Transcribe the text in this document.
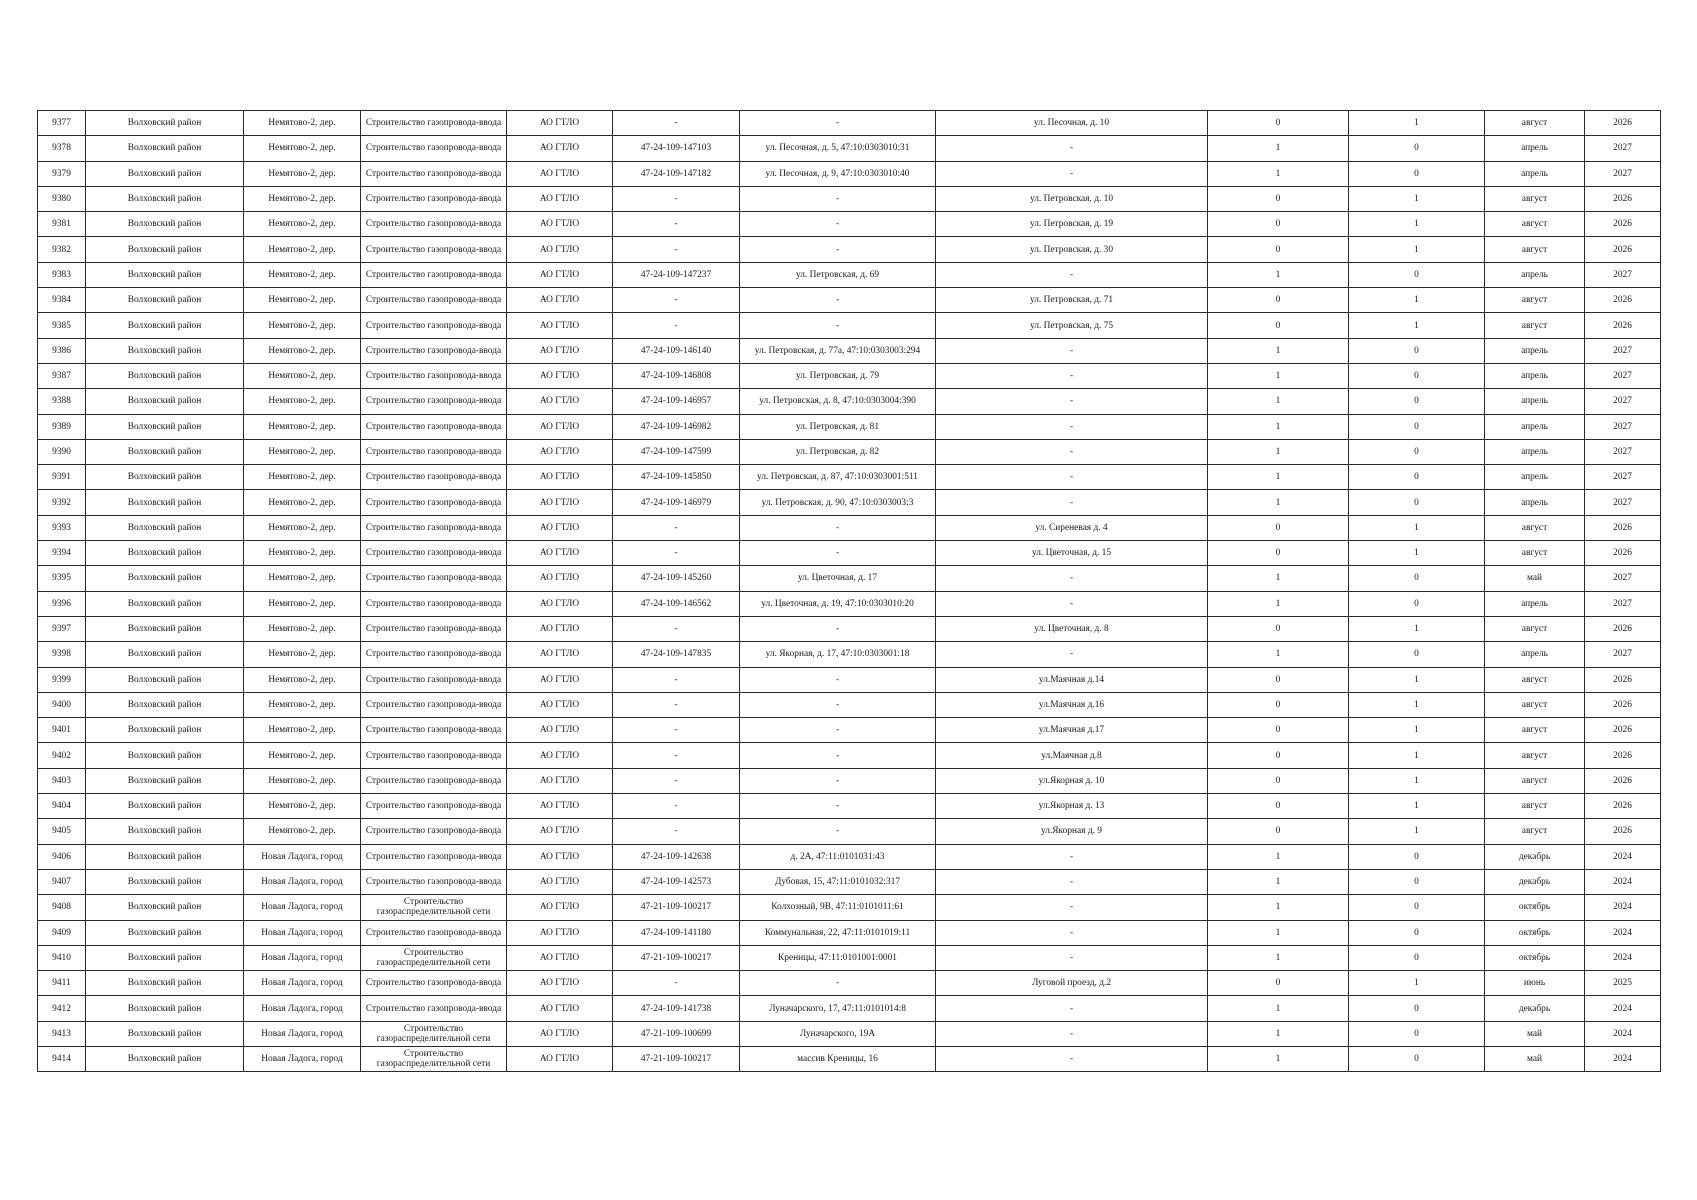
9377	Волховский район	Немятово-2, дер.	Строительство газопровода-ввода	АО ГТЛО	-	-	ул. Песочная, д. 10	0	1	август	2026
9378	Волховский район	Немятово-2, дер.	Строительство газопровода-ввода	АО ГТЛО	47-24-109-147103	ул. Песочная, д. 5, 47:10:0303010:31	-	1	0	апрель	2027
9379	Волховский район	Немятово-2, дер.	Строительство газопровода-ввода	АО ГТЛО	47-24-109-147182	ул. Песочная, д. 9, 47:10:0303010:40	-	1	0	апрель	2027
9380	Волховский район	Немятово-2, дер.	Строительство газопровода-ввода	АО ГТЛО	-	-	ул. Петровская, д. 10	0	1	август	2026
9381	Волховский район	Немятово-2, дер.	Строительство газопровода-ввода	АО ГТЛО	-	-	ул. Петровская, д. 19	0	1	август	2026
9382	Волховский район	Немятово-2, дер.	Строительство газопровода-ввода	АО ГТЛО	-	-	ул. Петровская, д. 30	0	1	август	2026
9383	Волховский район	Немятово-2, дер.	Строительство газопровода-ввода	АО ГТЛО	47-24-109-147237	ул. Петровская, д. 69	-	1	0	апрель	2027
9384	Волховский район	Немятово-2, дер.	Строительство газопровода-ввода	АО ГТЛО	-	-	ул. Петровская, д. 71	0	1	август	2026
9385	Волховский район	Немятово-2, дер.	Строительство газопровода-ввода	АО ГТЛО	-	-	ул. Петровская, д. 75	0	1	август	2026
9386	Волховский район	Немятово-2, дер.	Строительство газопровода-ввода	АО ГТЛО	47-24-109-146140	ул. Петровская, д. 77а, 47:10:0303003:294	-	1	0	апрель	2027
9387	Волховский район	Немятово-2, дер.	Строительство газопровода-ввода	АО ГТЛО	47-24-109-146808	ул. Петровская, д. 79	-	1	0	апрель	2027
9388	Волховский район	Немятово-2, дер.	Строительство газопровода-ввода	АО ГТЛО	47-24-109-146957	ул. Петровская, д. 8, 47:10:0303004:390	-	1	0	апрель	2027
9389	Волховский район	Немятово-2, дер.	Строительство газопровода-ввода	АО ГТЛО	47-24-109-146982	ул. Петровская, д. 81	-	1	0	апрель	2027
9390	Волховский район	Немятово-2, дер.	Строительство газопровода-ввода	АО ГТЛО	47-24-109-147599	ул. Петровская, д. 82	-	1	0	апрель	2027
9391	Волховский район	Немятово-2, дер.	Строительство газопровода-ввода	АО ГТЛО	47-24-109-145850	ул. Петровская, д. 87, 47:10:0303001:511	-	1	0	апрель	2027
9392	Волховский район	Немятово-2, дер.	Строительство газопровода-ввода	АО ГТЛО	47-24-109-146979	ул. Петровская, д. 90, 47:10:0303003:3	-	1	0	апрель	2027
9393	Волховский район	Немятово-2, дер.	Строительство газопровода-ввода	АО ГТЛО	-	-	ул. Сиреневая д. 4	0	1	август	2026
9394	Волховский район	Немятово-2, дер.	Строительство газопровода-ввода	АО ГТЛО	-	-	ул. Цветочная, д. 15	0	1	август	2026
9395	Волховский район	Немятово-2, дер.	Строительство газопровода-ввода	АО ГТЛО	47-24-109-145260	ул. Цветочная, д. 17	-	1	0	май	2027
9396	Волховский район	Немятово-2, дер.	Строительство газопровода-ввода	АО ГТЛО	47-24-109-146562	ул. Цветочная, д. 19, 47:10:0303010:20	-	1	0	апрель	2027
9397	Волховский район	Немятово-2, дер.	Строительство газопровода-ввода	АО ГТЛО	-	-	ул. Цветочная, д. 8	0	1	август	2026
9398	Волховский район	Немятово-2, дер.	Строительство газопровода-ввода	АО ГТЛО	47-24-109-147835	ул. Якорная, д. 17, 47:10:0303001:18	-	1	0	апрель	2027
9399	Волховский район	Немятово-2, дер.	Строительство газопровода-ввода	АО ГТЛО	-	-	ул.Маячная д.14	0	1	август	2026
9400	Волховский район	Немятово-2, дер.	Строительство газопровода-ввода	АО ГТЛО	-	-	ул.Маячная д.16	0	1	август	2026
9401	Волховский район	Немятово-2, дер.	Строительство газопровода-ввода	АО ГТЛО	-	-	ул.Маячная д.17	0	1	август	2026
9402	Волховский район	Немятово-2, дер.	Строительство газопровода-ввода	АО ГТЛО	-	-	ул.Маячная д.8	0	1	август	2026
9403	Волховский район	Немятово-2, дер.	Строительство газопровода-ввода	АО ГТЛО	-	-	ул.Якорная д. 10	0	1	август	2026
9404	Волховский район	Немятово-2, дер.	Строительство газопровода-ввода	АО ГТЛО	-	-	ул.Якорная д. 13	0	1	август	2026
9405	Волховский район	Немятово-2, дер.	Строительство газопровода-ввода	АО ГТЛО	-	-	ул.Якорная д. 9	0	1	август	2026
9406	Волховский район	Новая Ладога, город	Строительство газопровода-ввода	АО ГТЛО	47-24-109-142638	д. 2А, 47:11:0101031:43	-	1	0	декабрь	2024
9407	Волховский район	Новая Ладога, город	Строительство газопровода-ввода	АО ГТЛО	47-24-109-142573	Дубовая, 15, 47:11:0101032:317	-	1	0	декабрь	2024
9408	Волховский район	Новая Ладога, город	Строительство газораспределительной сети	АО ГТЛО	47-21-109-100217	Колхозный, 9В, 47:11:0101011:61	-	1	0	октябрь	2024
9409	Волховский район	Новая Ладога, город	Строительство газопровода-ввода	АО ГТЛО	47-24-109-141180	Коммунальная, 22, 47:11:0101019:11	-	1	0	октябрь	2024
9410	Волховский район	Новая Ладога, город	Строительство газораспределительной сети	АО ГТЛО	47-21-109-100217	Креницы, 47:11:0101001:0001	-	1	0	октябрь	2024
9411	Волховский район	Новая Ладога, город	Строительство газопровода-ввода	АО ГТЛО	-	-	Луговой проезд, д.2	0	1	июнь	2025
9412	Волховский район	Новая Ладога, город	Строительство газопровода-ввода	АО ГТЛО	47-24-109-141738	Луначарского, 17, 47:11:0101014:8	-	1	0	декабрь	2024
9413	Волховский район	Новая Ладога, город	Строительство газораспределительной сети	АО ГТЛО	47-21-109-100699	Луначарского, 19А	-	1	0	май	2024
9414	Волховский район	Новая Ладога, город	Строительство газораспределительной сети	АО ГТЛО	47-21-109-100217	массив Креницы, 16	-	1	0	май	2024
